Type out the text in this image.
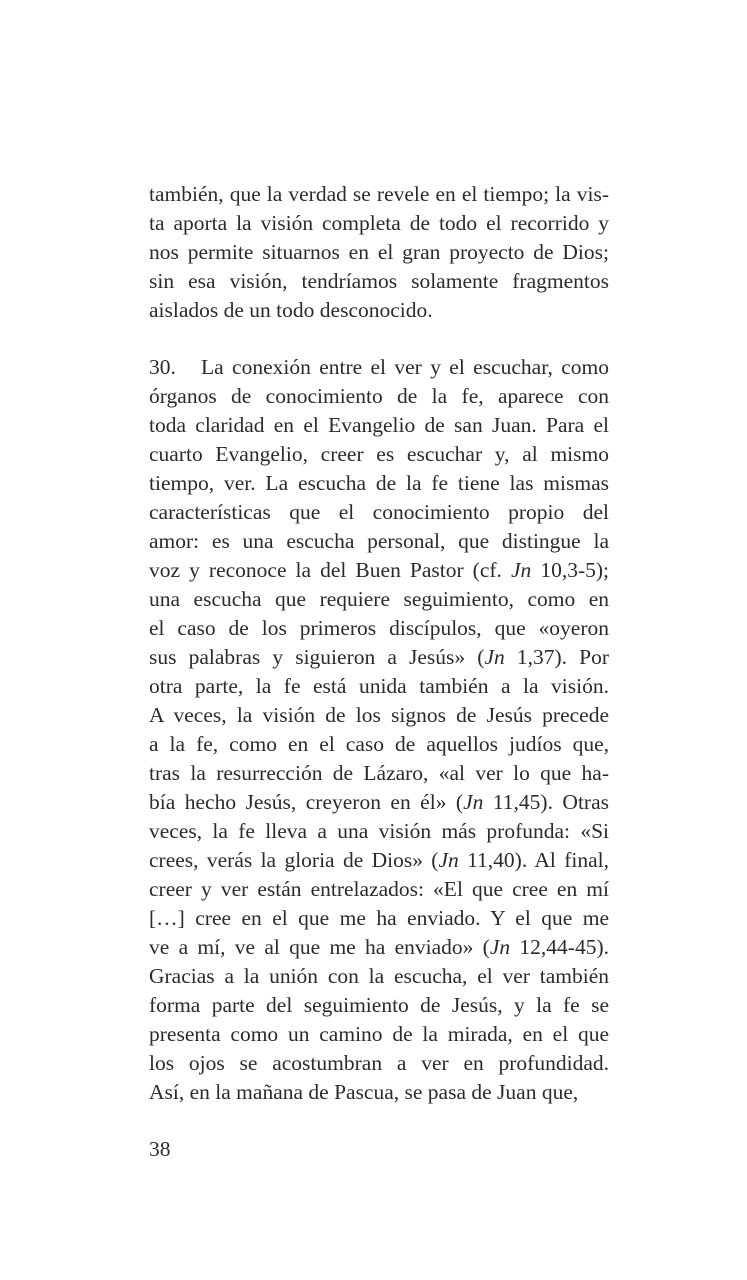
también, que la verdad se revele en el tiempo; la vis-
ta aporta la visión completa de todo el recorrido y
nos permite situarnos en el gran proyecto de Dios;
sin esa visión, tendríamos solamente fragmentos
aislados de un todo desconocido.
30. La conexión entre el ver y el escuchar, como
órganos de conocimiento de la fe, aparece con
toda claridad en el Evangelio de san Juan. Para el
cuarto Evangelio, creer es escuchar y, al mismo
tiempo, ver. La escucha de la fe tiene las mismas
características que el conocimiento propio del
amor: es una escucha personal, que distingue la
voz y reconoce la del Buen Pastor (cf. Jn 10,3-5);
una escucha que requiere seguimiento, como en
el caso de los primeros discípulos, que «oyeron
sus palabras y siguieron a Jesús» (Jn 1,37). Por
otra parte, la fe está unida también a la visión.
A veces, la visión de los signos de Jesús precede
a la fe, como en el caso de aquellos judíos que,
tras la resurrección de Lázaro, «al ver lo que ha-
bía hecho Jesús, creyeron en él» (Jn 11,45). Otras
veces, la fe lleva a una visión más profunda: «Si
crees, verás la gloria de Dios» (Jn 11,40). Al final,
creer y ver están entrelazados: «El que cree en mí
[…] cree en el que me ha enviado. Y el que me
ve a mí, ve al que me ha enviado» (Jn 12,44-45).
Gracias a la unión con la escucha, el ver también
forma parte del seguimiento de Jesús, y la fe se
presenta como un camino de la mirada, en el que
los ojos se acostumbran a ver en profundidad.
Así, en la mañana de Pascua, se pasa de Juan que,
38
